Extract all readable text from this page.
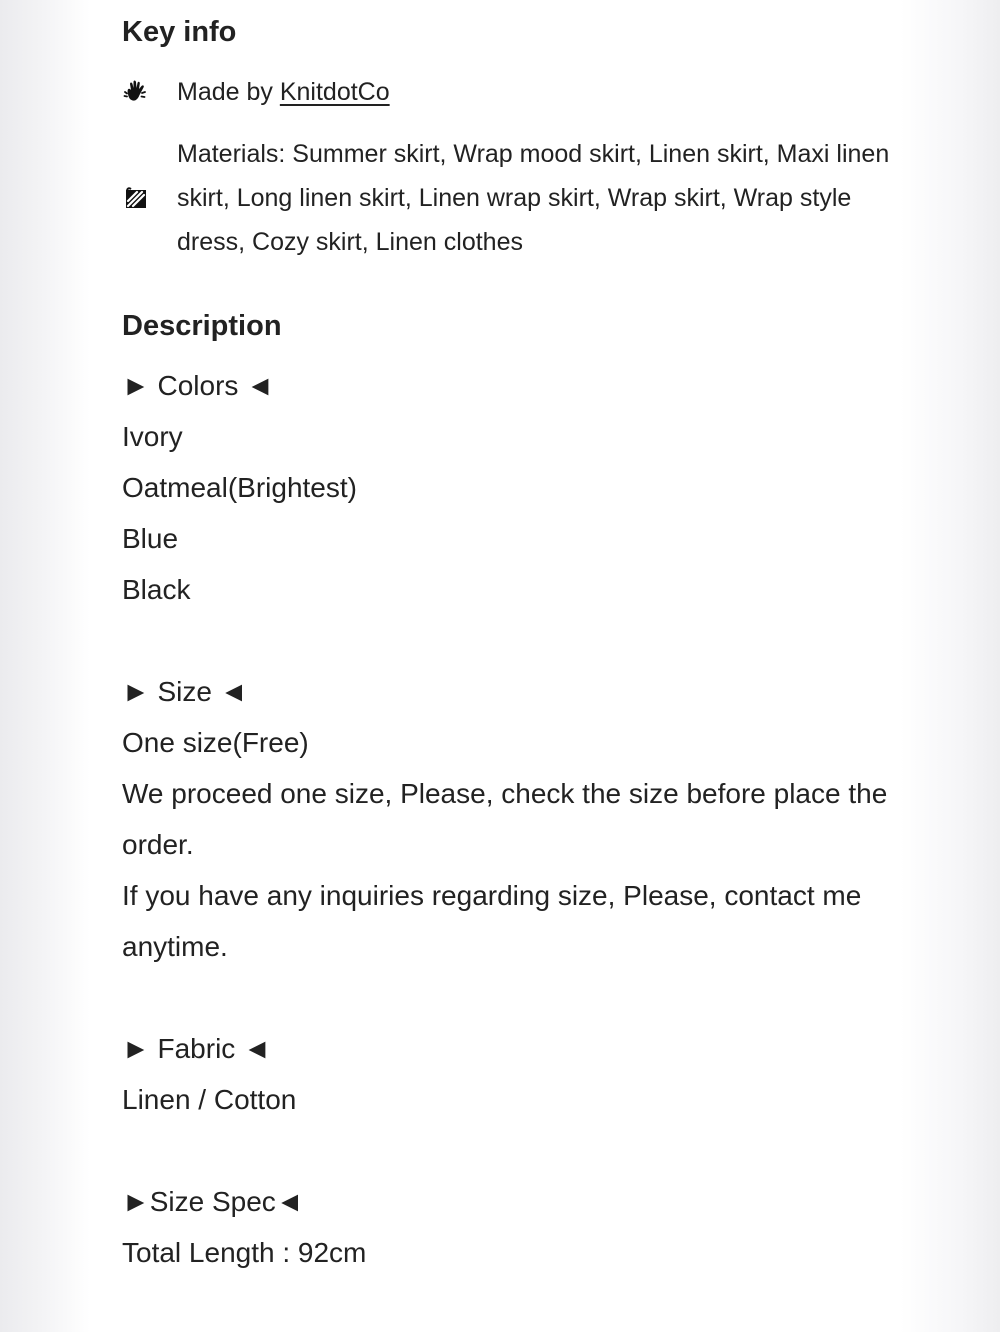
Key info
Made by KnitdotCo
Materials: Summer skirt, Wrap mood skirt, Linen skirt, Maxi linen skirt, Long linen skirt, Linen wrap skirt, Wrap skirt, Wrap style dress, Cozy skirt, Linen clothes
Description
► Colors ◄
Ivory
Oatmeal(Brightest)
Blue
Black
► Size ◄
One size(Free)
We proceed one size, Please, check the size before place the order.
If you have any inquiries regarding size, Please, contact me anytime.
► Fabric ◄
Linen / Cotton
►Size Spec◄
Total Length : 92cm
